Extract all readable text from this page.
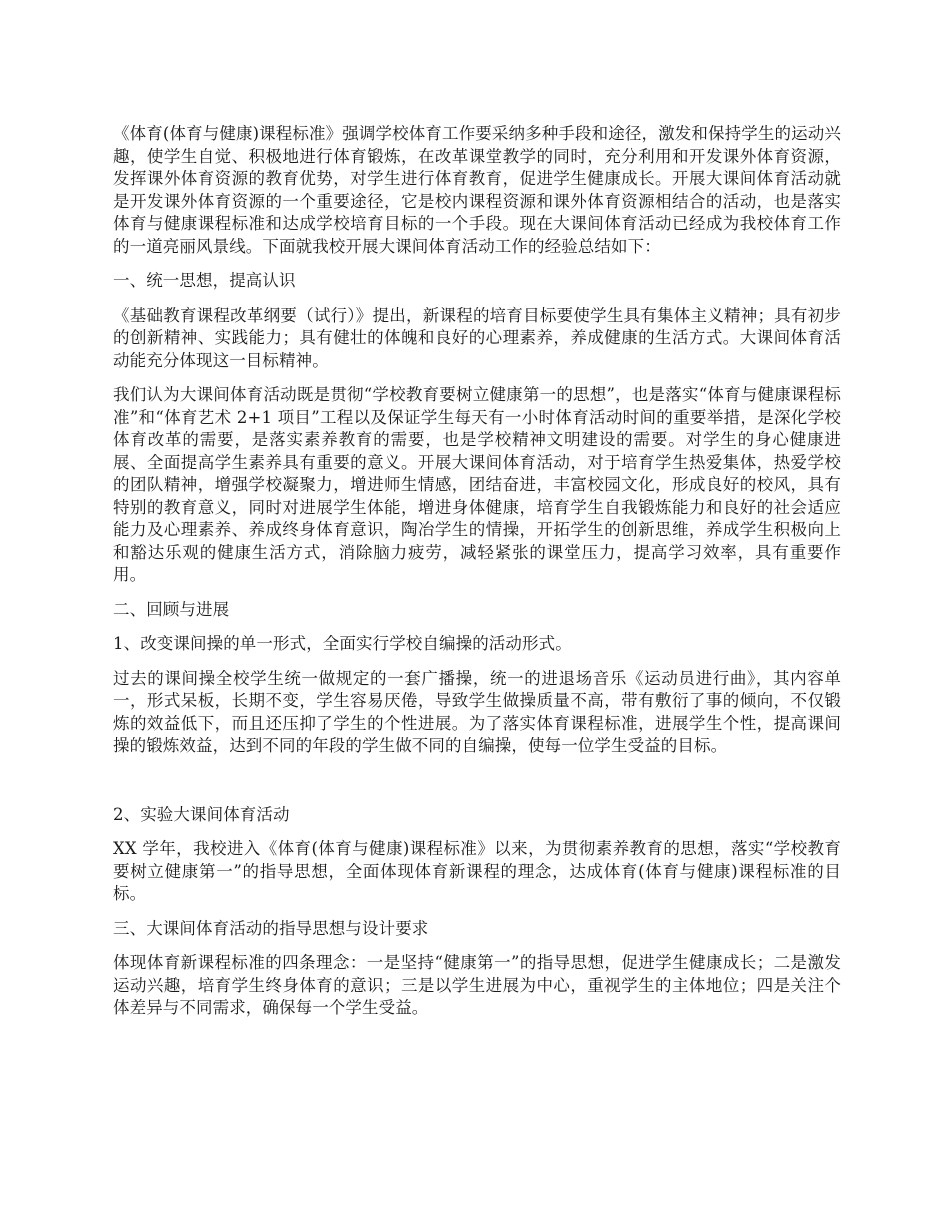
《体育(体育与健康)课程标准》强调学校体育工作要采纳多种手段和途径，激发和保持学生的运动兴趣，使学生自觉、积极地进行体育锻炼，在改革课堂教学的同时，充分利用和开发课外体育资源，发挥课外体育资源的教育优势，对学生进行体育教育，促进学生健康成长。开展大课间体育活动就是开发课外体育资源的一个重要途径，它是校内课程资源和课外体育资源相结合的活动，也是落实体育与健康课程标准和达成学校培育目标的一个手段。现在大课间体育活动已经成为我校体育工作的一道亮丽风景线。下面就我校开展大课间体育活动工作的经验总结如下：

一、统一思想，提高认识

《基础教育课程改革纲要（试行）》提出，新课程的培育目标要使学生具有集体主义精神；具有初步的创新精神、实践能力；具有健壮的体魄和良好的心理素养，养成健康的生活方式。大课间体育活动能充分体现这一目标精神。

我们认为大课间体育活动既是贯彻“学校教育要树立健康第一的思想”，也是落实“体育与健康课程标准”和“体育艺术 2+1 项目”工程以及保证学生每天有一小时体育活动时间的重要举措，是深化学校体育改革的需要，是落实素养教育的需要，也是学校精神文明建设的需要。对学生的身心健康进展、全面提高学生素养具有重要的意义。开展大课间体育活动，对于培育学生热爱集体，热爱学校的团队精神，增强学校凝聚力，增进师生情感，团结奋进，丰富校园文化，形成良好的校风，具有特别的教育意义，同时对进展学生体能，增进身体健康，培育学生自我锻炼能力和良好的社会适应能力及心理素养、养成终身体育意识，陶冶学生的情操，开拓学生的创新思维，养成学生积极向上和豁达乐观的健康生活方式，消除脑力疲劳，减轻紧张的课堂压力，提高学习效率，具有重要作用。

二、回顾与进展

1、改变课间操的单一形式，全面实行学校自编操的活动形式。

过去的课间操全校学生统一做规定的一套广播操，统一的进退场音乐《运动员进行曲》，其内容单一，形式呆板，长期不变，学生容易厌倦，导致学生做操质量不高，带有敷衍了事的倾向，不仅锻炼的效益低下，而且还压抑了学生的个性进展。为了落实体育课程标准，进展学生个性，提高课间操的锻炼效益，达到不同的年段的学生做不同的自编操，使每一位学生受益的目标。

2、实验大课间体育活动

XX 学年，我校进入《体育(体育与健康)课程标准》以来，为贯彻素养教育的思想，落实“学校教育要树立健康第一”的指导思想，全面体现体育新课程的理念，达成体育(体育与健康)课程标准的目标。

三、大课间体育活动的指导思想与设计要求

体现体育新课程标准的四条理念：一是坚持“健康第一”的指导思想，促进学生健康成长；二是激发运动兴趣，培育学生终身体育的意识；三是以学生进展为中心，重视学生的主体地位；四是关注个体差异与不同需求，确保每一个学生受益。
